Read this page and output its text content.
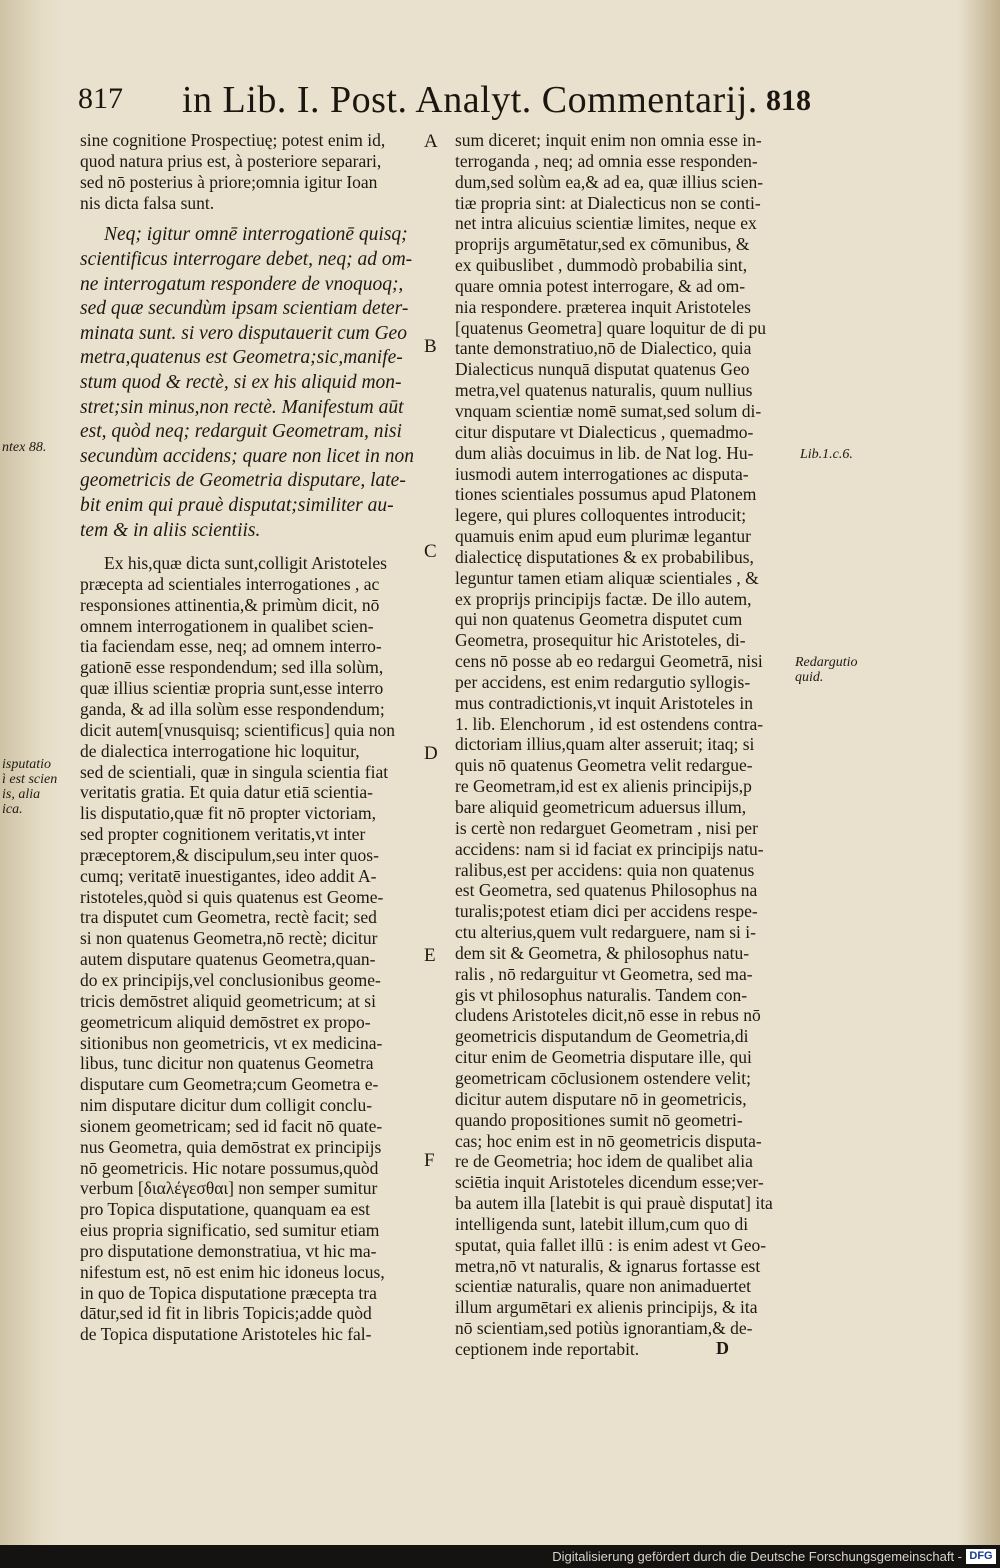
817 in Lib. I. Post. Analyt. Commentarij. 818
sine cognitione Prospectiuę; potest enim id,
quod natura prius est, à posteriore separari,
sed nō posterius à priore;omnia igitur Ioan
nis dicta falsa sunt.
Neq; igitur omnē interrogationē quisq;
scientificus interrogare debet, neq; ad om-
ne interrogatum respondere de vnoquoq;,
sed quæ secundùm ipsam scientiam deter-
minata sunt. si vero disputauerit cum Geo
metra,quatenus est Geometra;sic,manife-
stum quod & rectè, si ex his aliquid mon-
stret;sin minus,non rectè. Manifestum aūt
est, quòd neq; redarguit Geometram, nisi
secundùm accidens; quare non licet in non
geometricis de Geometria disputare, late-
bit enim qui prauè disputat;similiter au-
tem & in aliis scientiis.
Ex his,quæ dicta sunt,colligit Aristoteles
præcepta ad scientiales interrogationes , ac
responsiones attinentia,& primùm dicit, nō
omnem interrogationem in qualibet scien-
tia faciendam esse, neq; ad omnem interro-
gationē esse respondendum; sed illa solùm,
quæ illius scientiæ propria sunt,esse interro
ganda, & ad illa solùm esse respondendum;
dicit autem[vnusquisq; scientificus] quia non
de dialectica interrogatione hic loquitur,
sed de scientiali, quæ in singula scientia fiat
veritatis gratia. Et quia datur etiā scientia-
lis disputatio,quæ fit nō propter victoriam,
sed propter cognitionem veritatis,vt inter
præceptorem,& discipulum,seu inter quos-
cumq; veritatē inuestigantes, ideo addit A-
ristoteles,quòd si quis quatenus est Geome-
tra disputet cum Geometra, rectè facit; sed
si non quatenus Geometra,nō rectè; dicitur
autem disputare quatenus Geometra,quan-
do ex principijs,vel conclusionibus geome-
tricis demōstret aliquid geometricum; at si
geometricum aliquid demōstret ex propo-
sitionibus non geometricis, vt ex medicina-
libus, tunc dicitur non quatenus Geometra
disputare cum Geometra;cum Geometra e-
nim disputare dicitur dum colligit conclu-
sionem geometricam; sed id facit nō quate-
nus Geometra, quia demōstrat ex principijs
nō geometricis. Hic notare possumus,quòd
verbum [διαλέγεσθαι] non semper sumitur
pro Topica disputatione, quanquam ea est
eius propria significatio, sed sumitur etiam
pro disputatione demonstratiua, vt hic ma-
nifestum est, nō est enim hic idoneus locus,
in quo de Topica disputatione præcepta tra
dātur,sed id fit in libris Topicis;adde quòd
de Topica disputatione Aristoteles hic fal-
sum diceret; inquit enim non omnia esse in-
terroganda , neq; ad omnia esse responden-
dum,sed solùm ea,& ad ea, quæ illius scien-
tiæ propria sint: at Dialecticus non se conti-
net intra alicuius scientiæ limites, neque ex
proprijs argumētatur,sed ex cōmunibus, &
ex quibuslibet , dummodò probabilia sint,
quare omnia potest interrogare, & ad om-
nia respondere. præterea inquit Aristoteles
[quatenus Geometra] quare loquitur de di pu
tante demonstratiuo,nō de Dialectico, quia
Dialecticus nunquā disputat quatenus Geo
metra,vel quatenus naturalis, quum nullius
vnquam scientiæ nomē sumat,sed solum di-
citur disputare vt Dialecticus , quemadmo-
dum aliàs docuimus in lib. de Nat log. Hu-
iusmodi autem interrogationes ac disputa-
tiones scientiales possumus apud Platonem
legere, qui plures colloquentes introducit;
quamuis enim apud eum plurimæ legantur
dialecticę disputationes & ex probabilibus,
leguntur tamen etiam aliquæ scientiales , &
ex proprijs principijs factæ. De illo autem,
qui non quatenus Geometra disputet cum
Geometra, prosequitur hic Aristoteles, di-
cens nō posse ab eo redargui Geometrā, nisi
per accidens, est enim redargutio syllogis-
mus contradictionis,vt inquit Aristoteles in
1. lib. Elenchorum , id est ostendens contra-
dictoriam illius,quam alter asseruit; itaq; si
quis nō quatenus Geometra velit redargue-
re Geometram,id est ex alienis principijs,p
bare aliquid geometricum aduersus illum,
is certè non redarguet Geometram , nisi per
accidens: nam si id faciat ex principijs natu-
ralibus,est per accidens: quia non quatenus
est Geometra, sed quatenus Philosophus na
turalis;potest etiam dici per accidens respe-
ctu alterius,quem vult redarguere, nam si i-
dem sit & Geometra, & philosophus natu-
ralis , nō redarguitur vt Geometra, sed ma-
gis vt philosophus naturalis. Tandem con-
cludens Aristoteles dicit,nō esse in rebus nō
geometricis disputandum de Geometria,di
citur enim de Geometria disputare ille, qui
geometricam cōclusionem ostendere velit;
dicitur autem disputare nō in geometricis,
quando propositiones sumit nō geometri-
cas; hoc enim est in nō geometricis disputa-
re de Geometria; hoc idem de qualibet alia
sciētia inquit Aristoteles dicendum esse;ver-
ba autem illa [latebit is qui prauè disputat] ita
intelligenda sunt, latebit illum,cum quo di
sputat, quia fallet illū : is enim adest vt Geo-
metra,nō vt naturalis, & ignarus fortasse est
scientiæ naturalis, quare non animaduertet
illum argumētari ex alienis principijs, & ita
nō scientiam,sed potiùs ignorantiam,& de-
ceptionem inde reportabit.
A
B
C
D
E
F
ntex 88.
isputatio
ì est scien
is, alia
ica.
Lib.1.c.6.
Redargutio
quid.
D
Digitalisierung gefördert durch die Deutsche Forschungsgemeinschaft - DFG
